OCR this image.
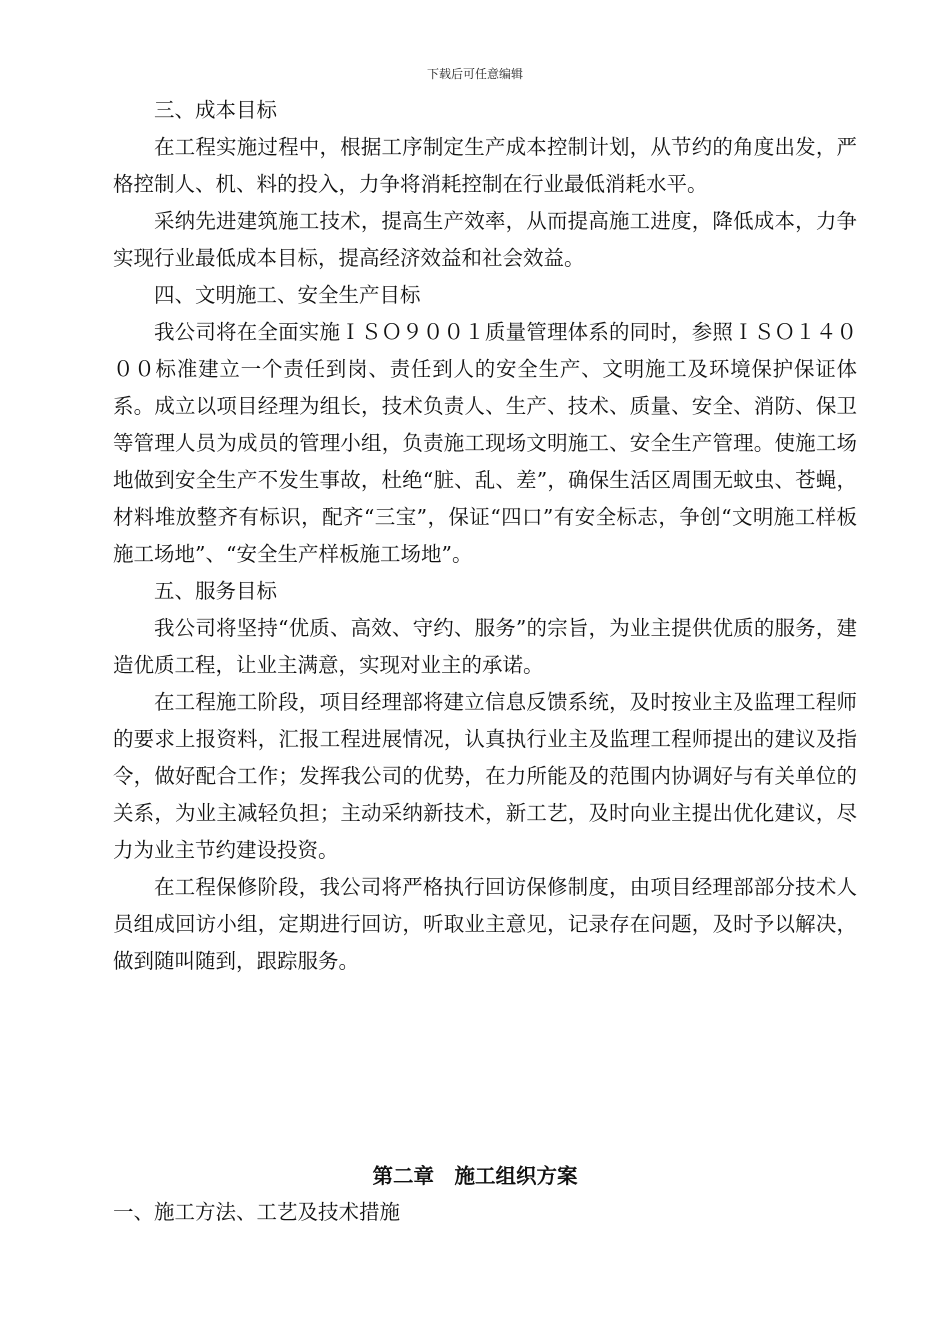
下载后可任意编辑

三、成本目标

在工程实施过程中，根据工序制定生产成本控制计划，从节约的角度出发，严格控制人、机、料的投入，力争将消耗控制在行业最低消耗水平。

采纳先进建筑施工技术，提高生产效率，从而提高施工进度，降低成本，力争实现行业最低成本目标，提高经济效益和社会效益。

四、文明施工、安全生产目标

我公司将在全面实施ＩＳＯ９００１质量管理体系的同时，参照ＩＳＯ１４０００标准建立一个责任到岗、责任到人的安全生产、文明施工及环境保护保证体系。成立以项目经理为组长，技术负责人、生产、技术、质量、安全、消防、保卫等管理人员为成员的管理小组，负责施工现场文明施工、安全生产管理。使施工场地做到安全生产不发生事故，杜绝“脏、乱、差”，确保生活区周围无蚊虫、苍蝇，材料堆放整齐有标识，配齐“三宝”，保证“四口”有安全标志，争创“文明施工样板施工场地”、“安全生产样板施工场地”。

五、服务目标

我公司将坚持“优质、高效、守约、服务”的宗旨，为业主提供优质的服务，建造优质工程，让业主满意，实现对业主的承诺。

在工程施工阶段，项目经理部将建立信息反馈系统，及时按业主及监理工程师的要求上报资料，汇报工程进展情况，认真执行业主及监理工程师提出的建议及指令，做好配合工作；发挥我公司的优势，在力所能及的范围内协调好与有关单位的关系，为业主减轻负担；主动采纳新技术，新工艺，及时向业主提出优化建议，尽力为业主节约建设投资。

在工程保修阶段，我公司将严格执行回访保修制度，由项目经理部部分技术人员组成回访小组，定期进行回访，听取业主意见，记录存在问题，及时予以解决，做到随叫随到，跟踪服务。

第二章　施工组织方案
一、施工方法、工艺及技术措施
